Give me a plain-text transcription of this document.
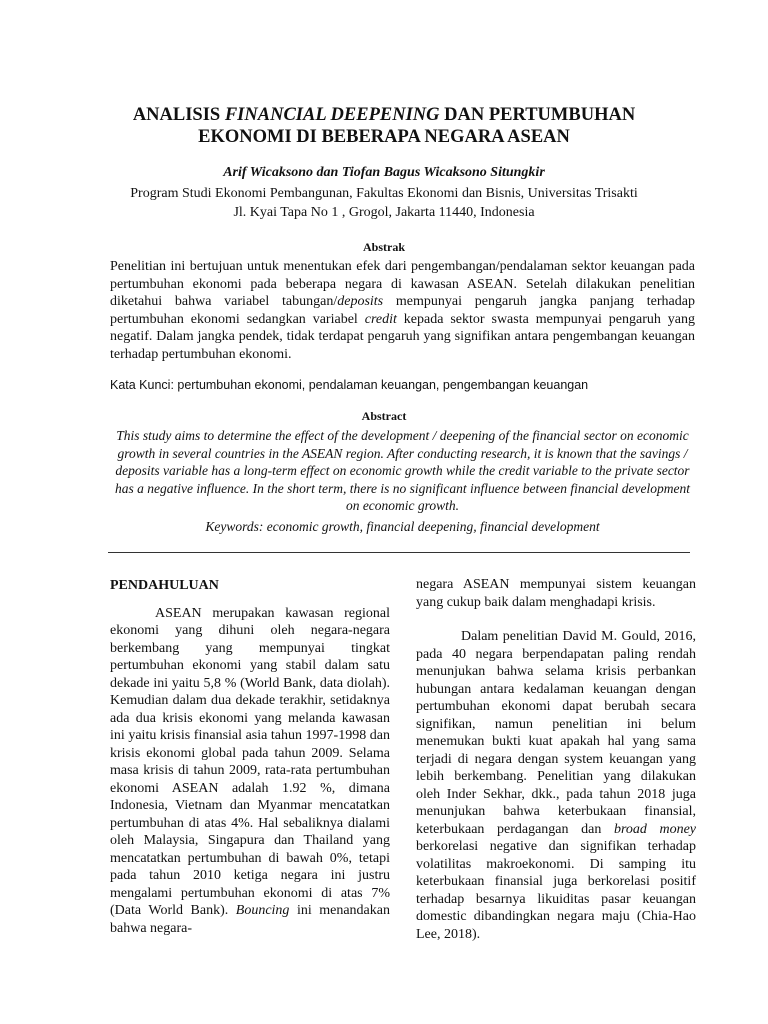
ANALISIS FINANCIAL DEEPENING DAN PERTUMBUHAN
EKONOMI DI BEBERAPA NEGARA ASEAN
Arif Wicaksono dan Tiofan Bagus Wicaksono Situngkir
Program Studi Ekonomi Pembangunan, Fakultas Ekonomi dan Bisnis, Universitas Trisakti
Jl. Kyai Tapa No 1 , Grogol, Jakarta 11440, Indonesia
Abstrak

Penelitian ini bertujuan untuk menentukan efek dari pengembangan/pendalaman sektor keuangan pada pertumbuhan ekonomi pada beberapa negara di kawasan ASEAN. Setelah dilakukan penelitian diketahui bahwa variabel tabungan/deposits mempunyai pengaruh jangka panjang terhadap pertumbuhan ekonomi sedangkan variabel credit kepada sektor swasta mempunyai pengaruh yang negatif. Dalam jangka pendek, tidak terdapat pengaruh yang signifikan antara pengembangan keuangan terhadap pertumbuhan ekonomi.

Kata Kunci: pertumbuhan ekonomi, pendalaman keuangan, pengembangan keuangan
Abstract

This study aims to determine the effect of the development / deepening of the financial sector on economic growth in several countries in the ASEAN region. After conducting research, it is known that the savings / deposits variable has a long-term effect on economic growth while the credit variable to the private sector has a negative influence. In the short term, there is no significant influence between financial development on economic growth.

Keywords: economic growth, financial deepening, financial development
PENDAHULUAN

ASEAN merupakan kawasan regional ekonomi yang dihuni oleh negara-negara berkembang yang mempunyai tingkat pertumbuhan ekonomi yang stabil dalam satu dekade ini yaitu 5,8 % (World Bank, data diolah). Kemudian dalam dua dekade terakhir, setidaknya ada dua krisis ekonomi yang melanda kawasan ini yaitu krisis finansial asia tahun 1997-1998 dan krisis ekonomi global pada tahun 2009. Selama masa krisis di tahun 2009, rata-rata pertumbuhan ekonomi ASEAN adalah 1.92 %, dimana Indonesia, Vietnam dan Myanmar mencatatkan pertumbuhan di atas 4%. Hal sebaliknya dialami oleh Malaysia, Singapura dan Thailand yang mencatatkan pertumbuhan di bawah 0%, tetapi pada tahun 2010 ketiga negara ini justru mengalami pertumbuhan ekonomi di atas 7% (Data World Bank). Bouncing ini menandakan bahwa negara-

negara ASEAN mempunyai sistem keuangan yang cukup baik dalam menghadapi krisis.

Dalam penelitian David M. Gould, 2016, pada 40 negara berpendapatan paling rendah menunjukan bahwa selama krisis perbankan hubungan antara kedalaman keuangan dengan pertumbuhan ekonomi dapat berubah secara signifikan, namun penelitian ini belum menemukan bukti kuat apakah hal yang sama terjadi di negara dengan system keuangan yang lebih berkembang. Penelitian yang dilakukan oleh Inder Sekhar, dkk., pada tahun 2018 juga menunjukan bahwa keterbukaan finansial, keterbukaan perdagangan dan broad money berkorelasi negative dan signifikan terhadap volatilitas makroekonomi. Di samping itu keterbukaan finansial juga berkorelasi positif terhadap besarnya likuiditas pasar keuangan domestic dibandingkan negara maju (Chia-Hao Lee, 2018).
